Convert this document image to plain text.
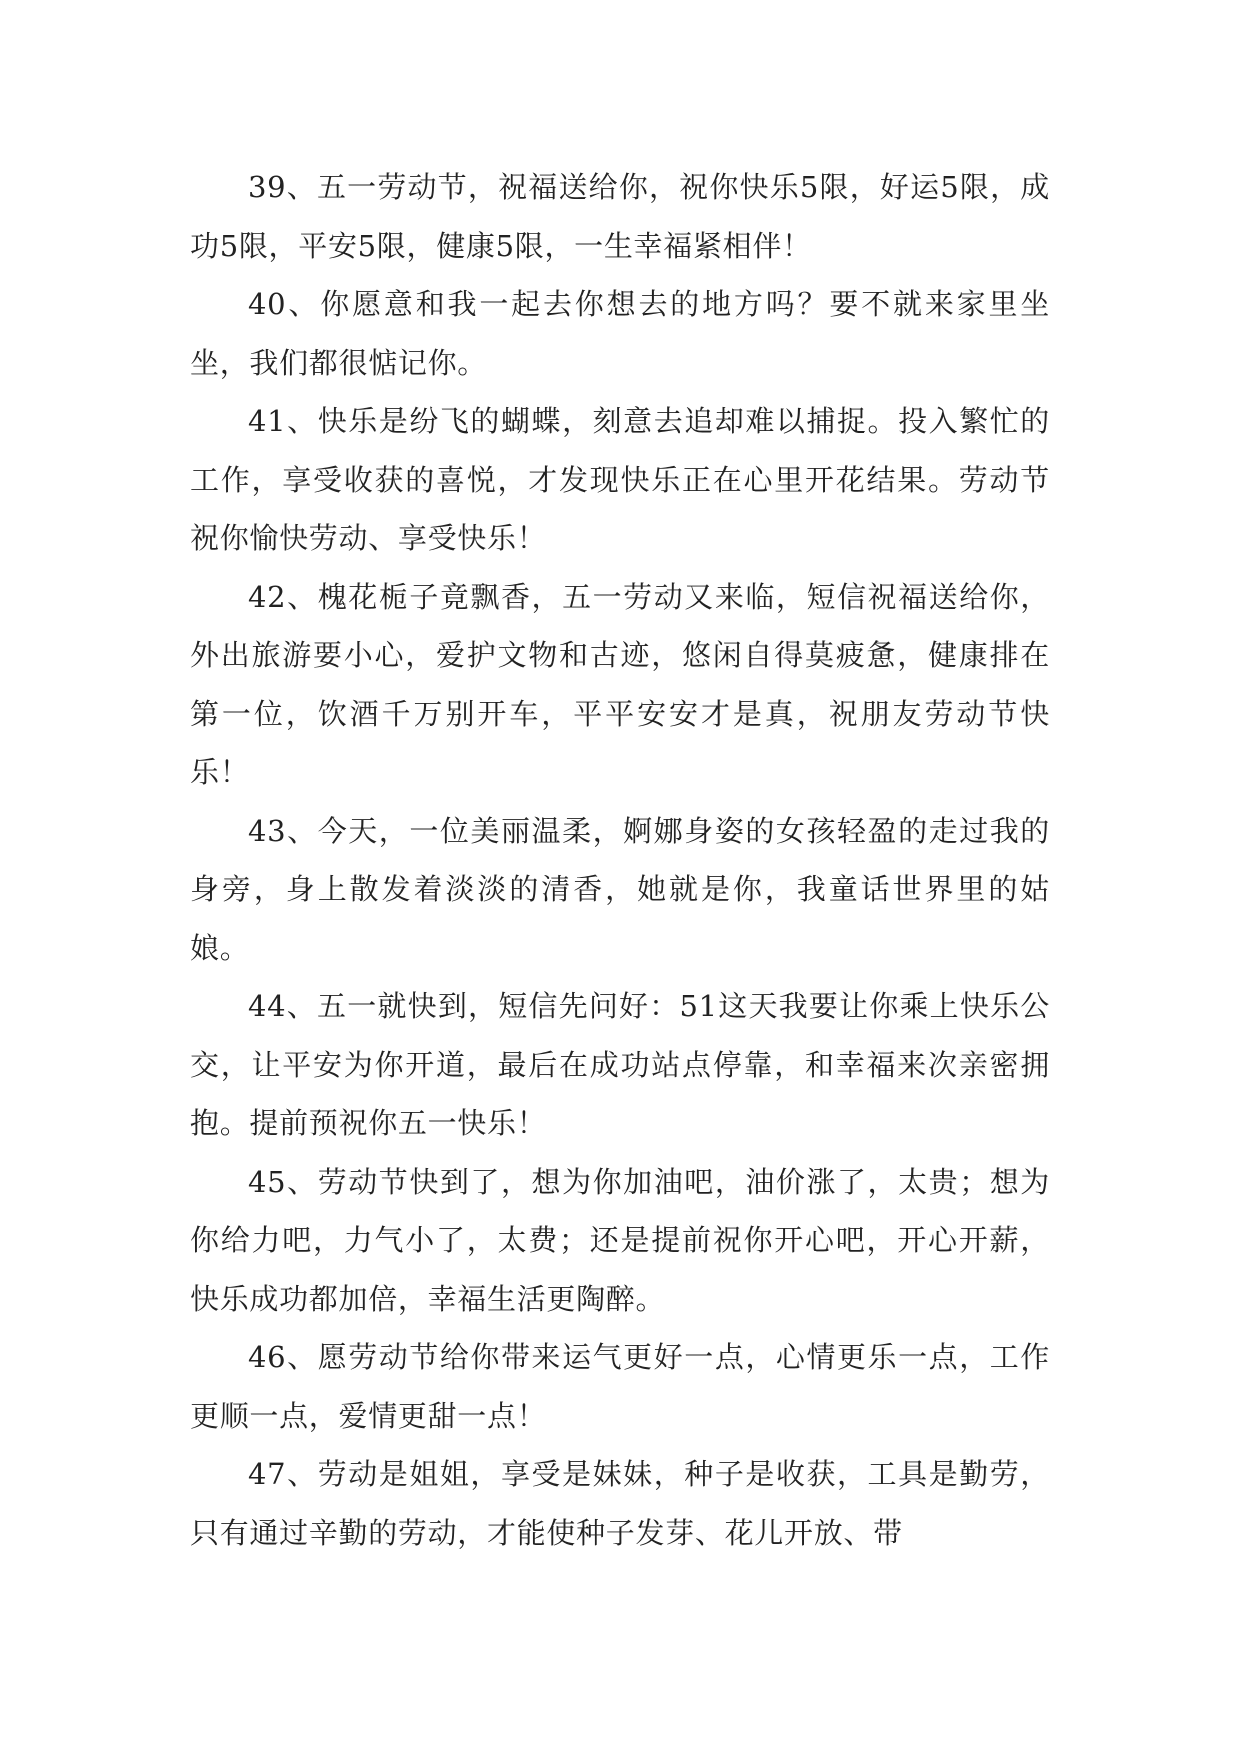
39、五一劳动节，祝福送给你，祝你快乐5限，好运5限，成功5限，平安5限，健康5限，一生幸福紧相伴！

40、你愿意和我一起去你想去的地方吗？要不就来家里坐坐，我们都很惦记你。

41、快乐是纷飞的蝴蝶，刻意去追却难以捕捉。投入繁忙的工作，享受收获的喜悦，才发现快乐正在心里开花结果。劳动节祝你愉快劳动、享受快乐！

42、槐花栀子竟飘香，五一劳动又来临，短信祝福送给你，外出旅游要小心，爱护文物和古迹，悠闲自得莫疲惫，健康排在第一位，饮酒千万别开车，平平安安才是真，祝朋友劳动节快乐！

43、今天，一位美丽温柔，婀娜身姿的女孩轻盈的走过我的身旁，身上散发着淡淡的清香，她就是你，我童话世界里的姑娘。

44、五一就快到，短信先问好：51这天我要让你乘上快乐公交，让平安为你开道，最后在成功站点停靠，和幸福来次亲密拥抱。提前预祝你五一快乐！

45、劳动节快到了，想为你加油吧，油价涨了，太贵；想为你给力吧，力气小了，太费；还是提前祝你开心吧，开心开薪，快乐成功都加倍，幸福生活更陶醉。

46、愿劳动节给你带来运气更好一点，心情更乐一点，工作更顺一点，爱情更甜一点！

47、劳动是姐姐，享受是妹妹，种子是收获，工具是勤劳，只有通过辛勤的劳动，才能使种子发芽、花儿开放、带
